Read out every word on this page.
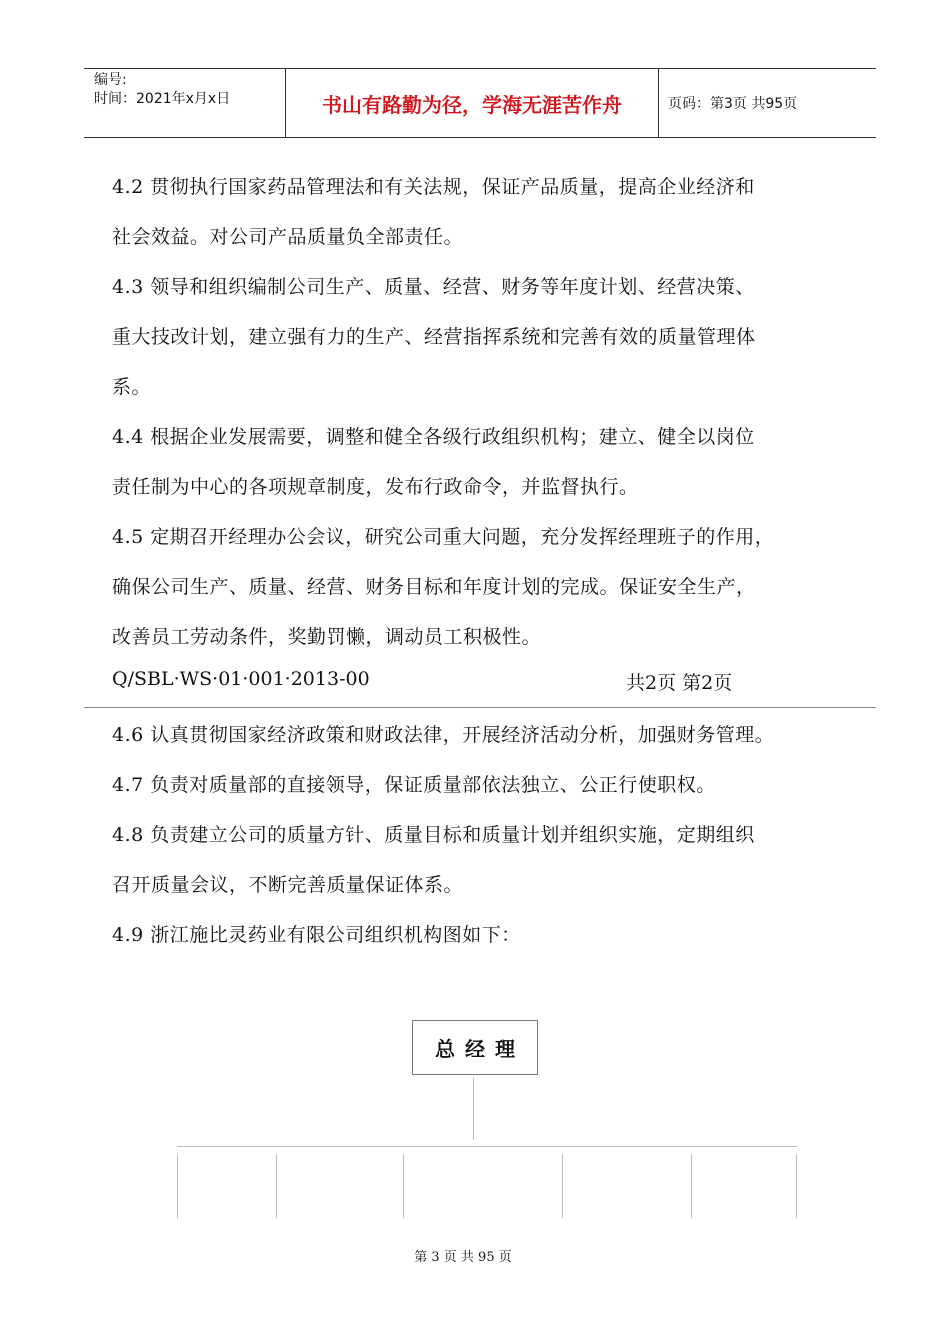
编号:
时间：2021年x月x日	书山有路勤为径，学海无涯苦作舟	页码：第3页 共95页
4.2 贯彻执行国家药品管理法和有关法规，保证产品质量，提高企业经济和
社会效益。对公司产品质量负全部责任。
4.3 领导和组织编制公司生产、质量、经营、财务等年度计划、经营决策、
重大技改计划，建立强有力的生产、经营指挥系统和完善有效的质量管理体
系。
4.4 根据企业发展需要，调整和健全各级行政组织机构；建立、健全以岗位
责任制为中心的各项规章制度，发布行政命令，并监督执行。
4.5 定期召开经理办公会议，研究公司重大问题，充分发挥经理班子的作用，
确保公司生产、质量、经营、财务目标和年度计划的完成。保证安全生产，
改善员工劳动条件，奖勤罚懒，调动员工积极性。
Q/SBL·WS·01·001·2013-00	共2页 第2页
4.6 认真贯彻国家经济政策和财政法律，开展经济活动分析，加强财务管理。
4.7 负责对质量部的直接领导，保证质量部依法独立、公正行使职权。
4.8 负责建立公司的质量方针、质量目标和质量计划并组织实施，定期组织
召开质量会议，不断完善质量保证体系。
4.9 浙江施比灵药业有限公司组织机构图如下：
总经理
第 3 页 共 95 页
